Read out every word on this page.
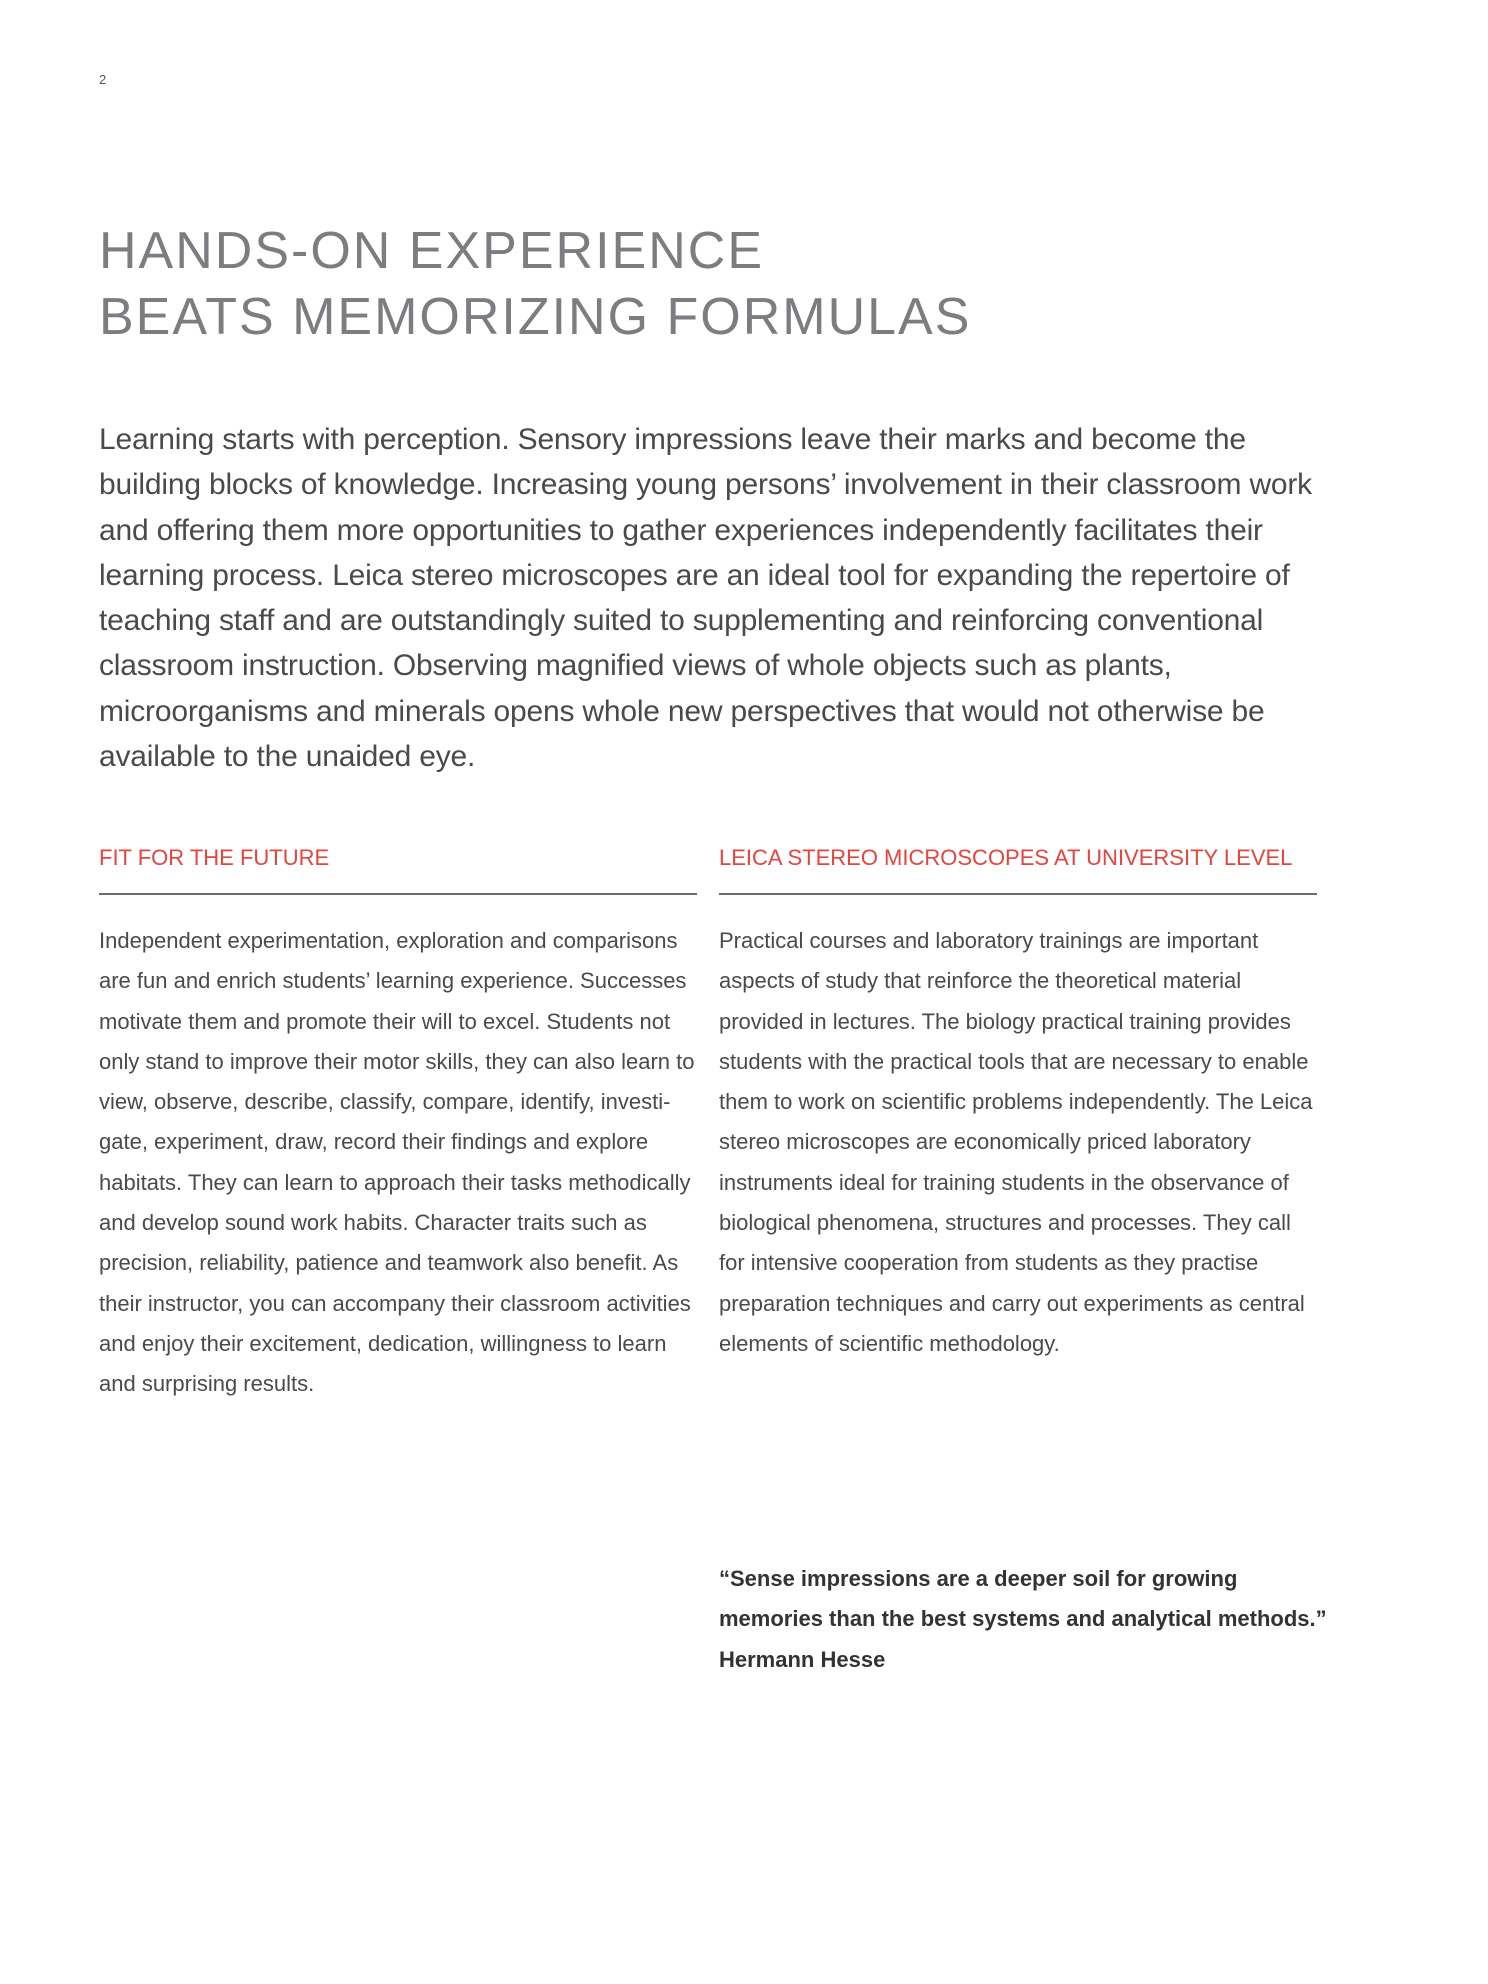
2
HANDS-ON EXPERIENCE
BEATS MEMORIZING FORMULAS

Learning starts with perception. Sensory impressions leave their marks and become the building blocks of knowledge. Increasing young persons’ involvement in their classroom work and offering them more opportunities to gather experiences independently facilitates their learning process. Leica stereo microscopes are an ideal tool for expanding the repertoire of teaching staff and are outstandingly suited to supplementing and reinforcing conventional classroom instruction. Observing magnified views of whole objects such as plants, microorganisms and minerals opens whole new perspectives that would not otherwise be available to the unaided eye.

FIT FOR THE FUTURE

Independent experimentation, exploration and comparisons are fun and enrich students’ learning experience. Successes motivate them and promote their will to excel. Students not only stand to improve their motor skills, they can also learn to view, observe, describe, classify, compare, identify, investigate, experiment, draw, record their findings and explore habitats. They can learn to approach their tasks methodically and develop sound work habits. Character traits such as precision, reliability, patience and teamwork also benefit. As their instructor, you can accompany their classroom activities and enjoy their excitement, dedication, willingness to learn and surprising results.

LEICA STEREO MICROSCOPES AT UNIVERSITY LEVEL

Practical courses and laboratory trainings are important aspects of study that reinforce the theoretical material provided in lectures. The biology practical training provides students with the practical tools that are necessary to enable them to work on scientific problems independently. The Leica stereo microscopes are economically priced laboratory instruments ideal for training students in the observance of biological phenomena, structures and processes. They call for intensive cooperation from students as they practise preparation techniques and carry out experiments as central elements of scientific methodology.

“Sense impressions are a deeper soil for growing
memories than the best systems and analytical methods.”
Hermann Hesse
